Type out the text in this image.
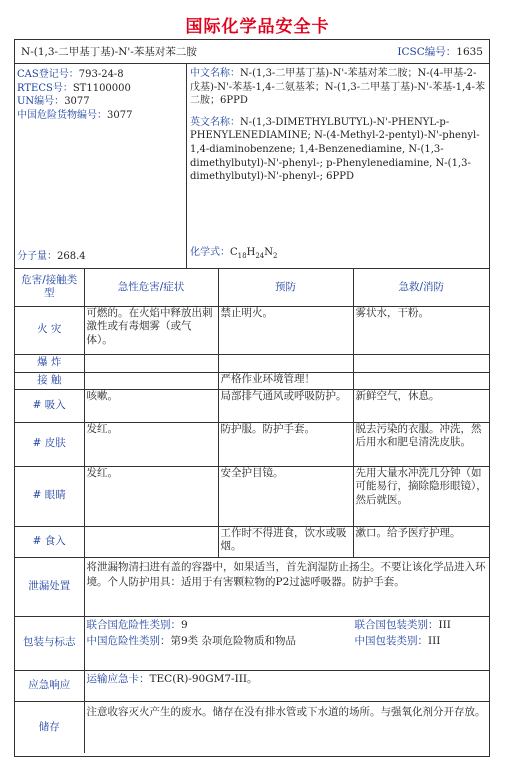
国际化学品安全卡
N-(1,3-二甲基丁基)-N'-苯基对苯二胺	ICSC编号：1635
CAS登记号：793-24-8
RTECS号：ST1100000
UN编号：3077
中国危险货物编号：3077
分子量：268.4
中文名称：N-(1,3-二甲基丁基)-N'-苯基对苯二胺；N-(4-甲基-2-戊基)-N'-苯基-1,4-二氨基苯；N-(1,3-二甲基丁基)-N'-苯基-1,4-苯二胺；6PPD
英文名称：N-(1,3-DIMETHYLBUTYL)-N'-PHENYL-p-PHENYLENEDIAMINE; N-(4-Methyl-2-pentyl)-N'-phenyl-1,4-diaminobenzene; 1,4-Benzenediamine, N-(1,3-dimethylbutyl)-N'-phenyl-; p-Phenylenediamine, N-(1,3-dimethylbutyl)-N'-phenyl-; 6PPD
化学式：$C_{18}H_{24}N_2$
危害/接触类型	急性危害/症状	预防	急救/消防
火 灾	可燃的。在火焰中释放出刺激性或有毒烟雾（或气体）。	禁止明火。	雾状水，干粉。
爆 炸			
接 触		严格作业环境管理！	
# 吸入	咳嗽。	局部排气通风或呼吸防护。	新鲜空气，休息。
# 皮肤	发红。	防护服。防护手套。	脱去污染的衣服。冲洗，然后用水和肥皂清洗皮肤。
# 眼睛	发红。	安全护目镜。	先用大量水冲洗几分钟（如可能易行，摘除隐形眼镜），然后就医。
# 食入		工作时不得进食，饮水或吸烟。	漱口。给予医疗护理。
泄漏处置	将泄漏物清扫进有盖的容器中，如果适当，首先润湿防止扬尘。不要让该化学品进入环境。个人防护用具：适用于有害颗粒物的P2过滤呼吸器。防护手套。		
包装与标志	联合国危险性类别：9 联合国包装类别：III
中国危险性类别：第9类 杂项危险物质和物品 中国包装类别：III		

应急响应	运输应急卡：TEC(R)-90GM7-III。		
储存	注意收容灭火产生的废水。储存在没有排水管或下水道的场所。与强氧化剂分开存放。		
